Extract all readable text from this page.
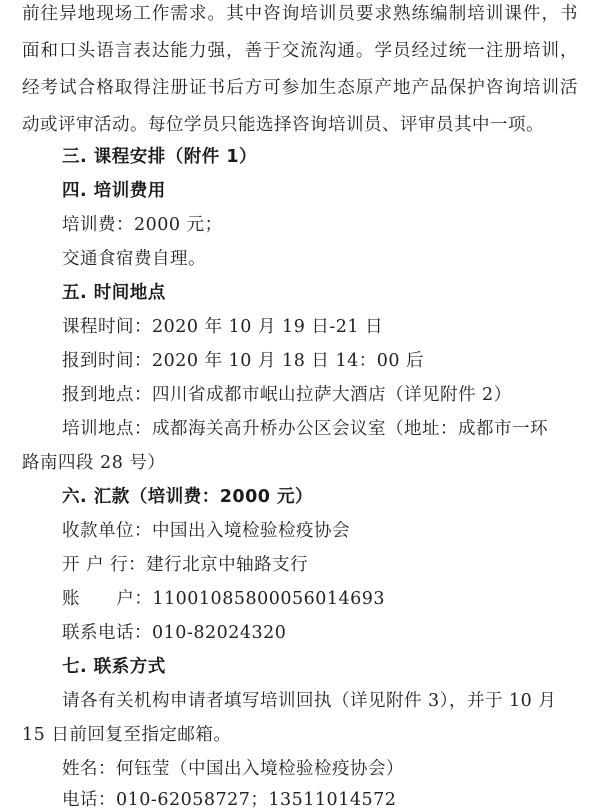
前往异地现场工作需求。其中咨询培训员要求熟练编制培训课件，书
面和口头语言表达能力强，善于交流沟通。学员经过统一注册培训，
经考试合格取得注册证书后方可参加生态原产地产品保护咨询培训活
动或评审活动。每位学员只能选择咨询培训员、评审员其中一项。
三. 课程安排（附件 1）
四. 培训费用
培训费：2000 元；
交通食宿费自理。
五. 时间地点
课程时间：2020 年 10 月 19 日-21 日
报到时间：2020 年 10 月 18 日 14：00 后
报到地点：四川省成都市岷山拉萨大酒店（详见附件 2）
培训地点：成都海关高升桥办公区会议室（地址：成都市一环
路南四段 28 号）
六. 汇款（培训费：2000 元）
收款单位：中国出入境检验检疫协会
开 户 行：建行北京中轴路支行
账      户：11001085800056014693
联系电话：010-82024320
七. 联系方式
请各有关机构申请者填写培训回执（详见附件 3），并于 10 月
15 日前回复至指定邮箱。
姓名：何钰莹（中国出入境检验检疫协会）
电话：010-62058727；13511014572
